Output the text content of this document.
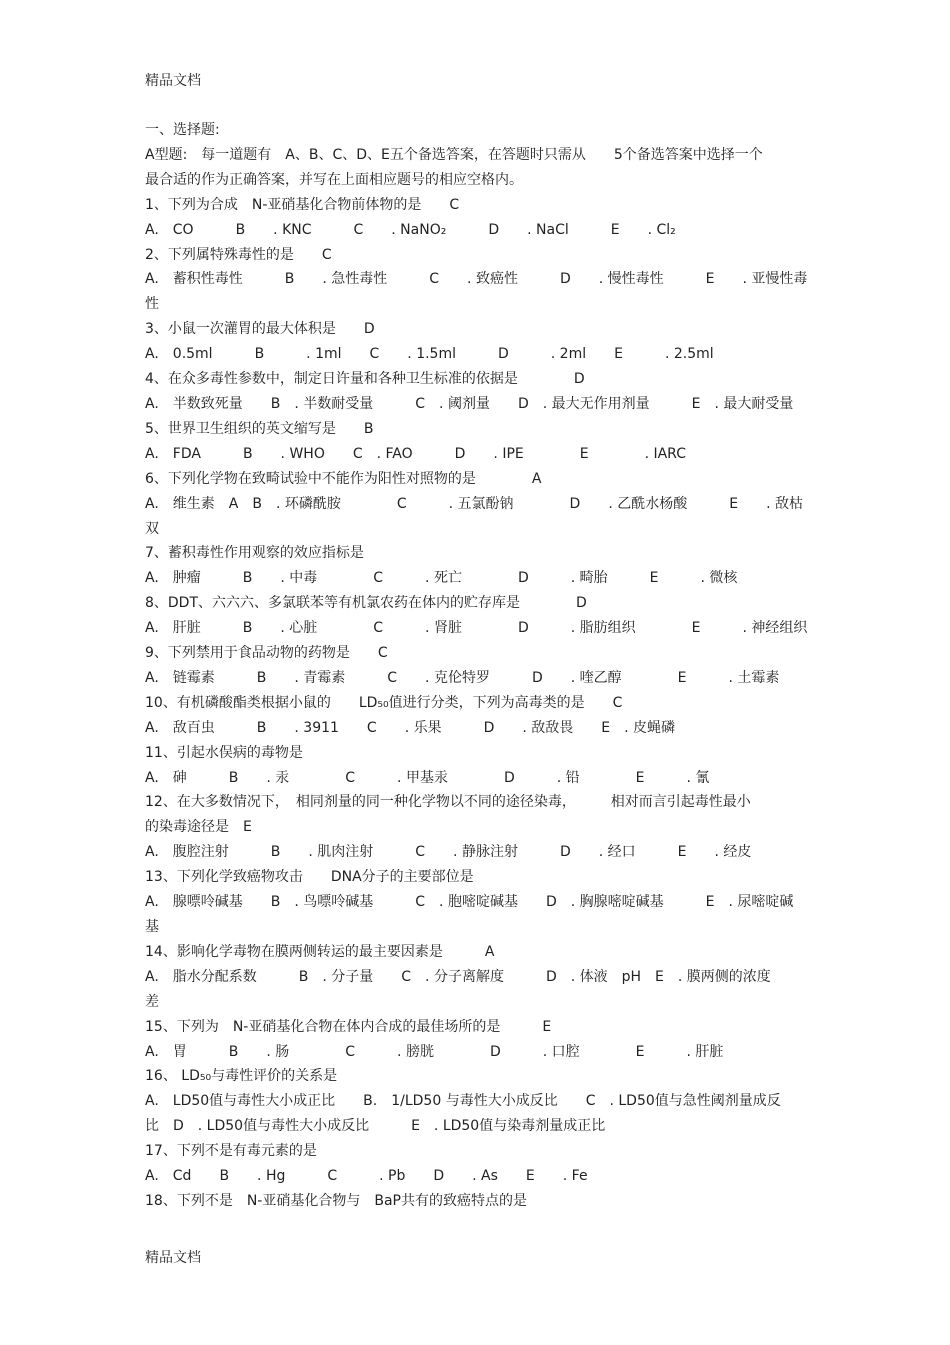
精品文档
一、选择题:
A型题:　每一道题有　A、B、C、D、E五个备选答案，在答题时只需从　　5个备选答案中选择一个
最合适的作为正确答案，并写在上面相应题号的相应空格内。
1、下列为合成　N-亚硝基化合物前体物的是　　C
A.　CO　　　B　　. KNC　　　C　　. NaNO₂　　　D　　. NaCl　　　E　　. Cl₂
2、下列属特殊毒性的是　　C
A.　蓄积性毒性　　　B　　. 急性毒性　　　C　　. 致癌性　　　D　　. 慢性毒性　　　E　　. 亚慢性毒
性
3、小鼠一次灌胃的最大体积是　　D
A.　0.5ml　　　B　　　. 1ml　　C　　. 1.5ml　　　D　　　. 2ml　　E　　　. 2.5ml
4、在众多毒性参数中，制定日许量和各种卫生标准的依据是　　　　D
A.　半数致死量　　B　. 半数耐受量　　　C　. 阈剂量　　D　. 最大无作用剂量　　　E　. 最大耐受量
5、世界卫生组织的英文缩写是　　B
A.　FDA　　　B　　. WHO　　C　. FAO　　　D　　. IPE　　　　E　　　　. IARC
6、下列化学物在致畸试验中不能作为阳性对照物的是　　　　A
A.　维生素　A　B　. 环磷酰胺　　　　C　　　. 五氯酚钠　　　　D　　. 乙酰水杨酸　　　E　　. 敌枯
双
7、蓄积毒性作用观察的效应指标是
A.　肿瘤　　　B　　. 中毒　　　　C　　　. 死亡　　　　D　　　. 畸胎　　　E　　　. 微核
8、DDT、六六六、多氯联苯等有机氯农药在体内的贮存库是　　　　D
A.　肝脏　　　B　　. 心脏　　　　C　　　. 肾脏　　　　D　　　. 脂肪组织　　　　E　　　. 神经组织
9、下列禁用于食品动物的药物是　　C
A.　链霉素　　　B　　. 青霉素　　　C　　. 克伦特罗　　　D　　. 喹乙醇　　　　E　　　. 土霉素
10、有机磷酸酯类根据小鼠的　　LD₅₀值进行分类，下列为高毒类的是　　C
A.　敌百虫　　　B　　. 3911　　C　　. 乐果　　　D　　. 敌敌畏　　E　. 皮蝇磷
11、引起水俣病的毒物是
A.　砷　　　B　　. 汞　　　　C　　　. 甲基汞　　　　D　　　. 铅　　　　E　　　. 氰
12、在大多数情况下，　相同剂量的同一种化学物以不同的途径染毒，　　　相对而言引起毒性最小
的染毒途径是　E
A.　腹腔注射　　　B　　. 肌肉注射　　　C　　. 静脉注射　　　D　　. 经口　　　E　　. 经皮
13、下列化学致癌物攻击　　DNA分子的主要部位是
A.　腺嘌呤碱基　　B　. 鸟嘌呤碱基　　　C　. 胞嘧啶碱基　　D　. 胸腺嘧啶碱基　　　E　. 尿嘧啶碱
基
14、影响化学毒物在膜两侧转运的最主要因素是　　　A
A.　脂水分配系数　　　B　. 分子量　　C　. 分子离解度　　　D　. 体液　pH　E　. 膜两侧的浓度
差
15、下列为　N-亚硝基化合物在体内合成的最佳场所的是　　　E
A.　胃　　　B　　. 肠　　　　C　　　. 膀胱　　　　D　　　. 口腔　　　　E　　　. 肝脏
16、 LD₅₀与毒性评价的关系是
A.　LD50值与毒性大小成正比　　B.　1/LD50 与毒性大小成反比　　C　. LD50值与急性阈剂量成反
比　D　. LD50值与毒性大小成反比　　　E　. LD50值与染毒剂量成正比
17、下列不是有毒元素的是
A.　Cd　　B　　. Hg　　　C　　　. Pb　　D　　. As　　E　　. Fe
18、下列不是　N-亚硝基化合物与　BaP共有的致癌特点的是
精品文档
